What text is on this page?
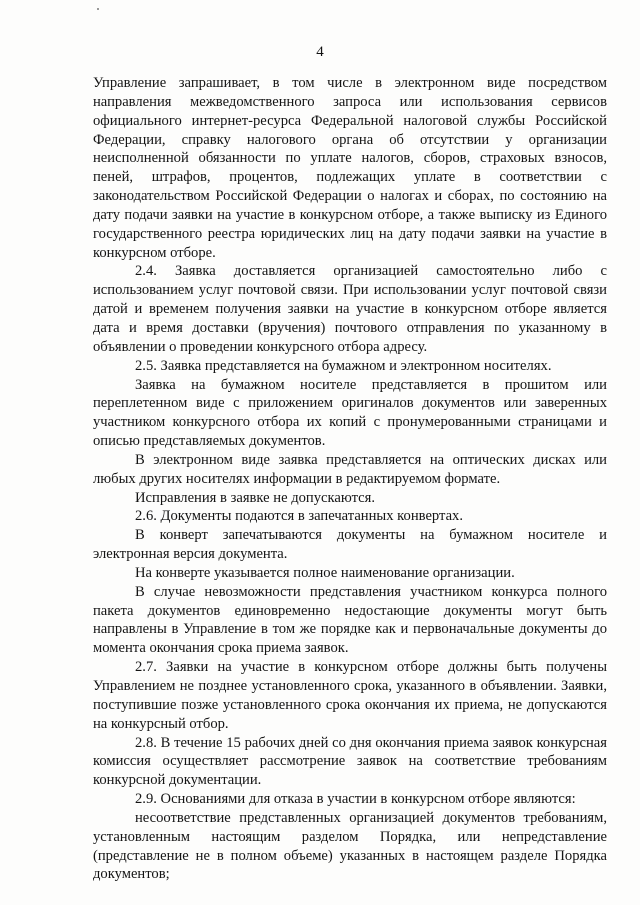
4

Управление запрашивает, в том числе в электронном виде посредством направления межведомственного запроса или использования сервисов официального интернет-ресурса Федеральной налоговой службы Российской Федерации, справку налогового органа об отсутствии у организации неисполненной обязанности по уплате налогов, сборов, страховых взносов, пеней, штрафов, процентов, подлежащих уплате в соответствии с законодательством Российской Федерации о налогах и сборах, по состоянию на дату подачи заявки на участие в конкурсном отборе, а также выписку из Единого государственного реестра юридических лиц на дату подачи заявки на участие в конкурсном отборе.

2.4. Заявка доставляется организацией самостоятельно либо с использованием услуг почтовой связи. При использовании услуг почтовой связи датой и временем получения заявки на участие в конкурсном отборе является дата и время доставки (вручения) почтового отправления по указанному в объявлении о проведении конкурсного отбора адресу.

2.5. Заявка представляется на бумажном и электронном носителях.

Заявка на бумажном носителе представляется в прошитом или переплетенном виде с приложением оригиналов документов или заверенных участником конкурсного отбора их копий с пронумерованными страницами и описью представляемых документов.

В электронном виде заявка представляется на оптических дисках или любых других носителях информации в редактируемом формате.

Исправления в заявке не допускаются.

2.6. Документы подаются в запечатанных конвертах.

В конверт запечатываются документы на бумажном носителе и электронная версия документа.

На конверте указывается полное наименование организации.

В случае невозможности представления участником конкурса полного пакета документов единовременно недостающие документы могут быть направлены в Управление в том же порядке как и первоначальные документы до момента окончания срока приема заявок.

2.7. Заявки на участие в конкурсном отборе должны быть получены Управлением не позднее установленного срока, указанного в объявлении. Заявки, поступившие позже установленного срока окончания их приема, не допускаются на конкурсный отбор.

2.8. В течение 15 рабочих дней со дня окончания приема заявок конкурсная комиссия осуществляет рассмотрение заявок на соответствие требованиям конкурсной документации.

2.9. Основаниями для отказа в участии в конкурсном отборе являются:

несоответствие представленных организацией документов требованиям, установленным настоящим разделом Порядка, или непредставление (представление не в полном объеме) указанных в настоящем разделе Порядка документов;
